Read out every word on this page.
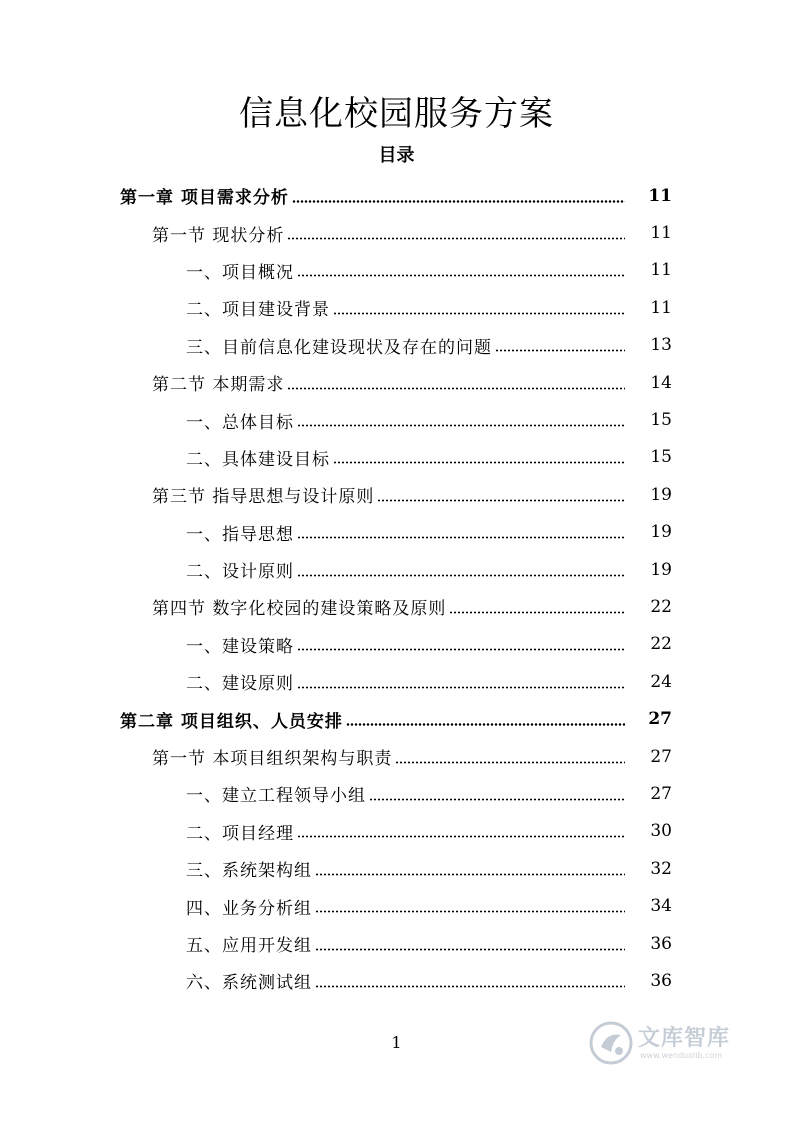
信息化校园服务方案
目录
第一章 项目需求分析	11
第一节 现状分析	11
一、项目概况	11
二、项目建设背景	11
三、目前信息化建设现状及存在的问题	13
第二节 本期需求	14
一、总体目标	15
二、具体建设目标	15
第三节 指导思想与设计原则	19
一、指导思想	19
二、设计原则	19
第四节 数字化校园的建设策略及原则	22
一、建设策略	22
二、建设原则	24
第二章 项目组织、人员安排	27
第一节 本项目组织架构与职责	27
一、建立工程领导小组	27
二、项目经理	30
三、系统架构组	32
四、业务分析组	34
五、应用开发组	36
六、系统测试组	36
1	文库智库
www.wenduolib.com
